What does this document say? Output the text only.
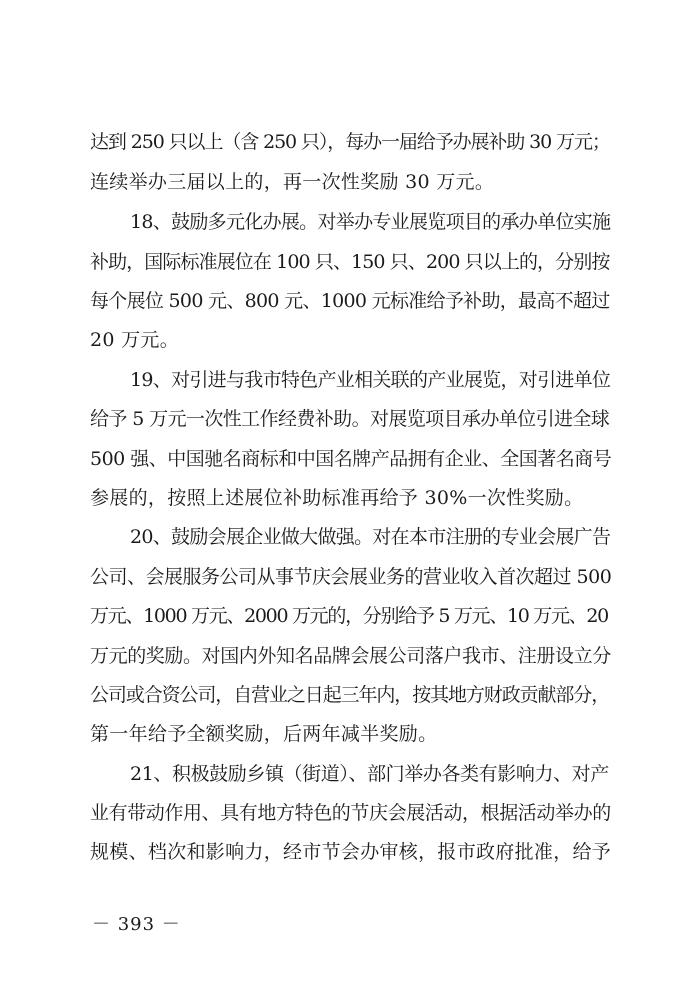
达到 250 只以上（含 250 只），每办一届给予办展补助 30 万元；
连续举办三届以上的，再一次性奖励 30 万元。
18、鼓励多元化办展。对举办专业展览项目的承办单位实施
补助，国际标准展位在 100 只、150 只、200 只以上的，分别按
每个展位 500 元、800 元、1000 元标准给予补助，最高不超过
20 万元。
19、对引进与我市特色产业相关联的产业展览，对引进单位
给予 5 万元一次性工作经费补助。对展览项目承办单位引进全球
500 强、中国驰名商标和中国名牌产品拥有企业、全国著名商号
参展的，按照上述展位补助标准再给予 30%一次性奖励。
20、鼓励会展企业做大做强。对在本市注册的专业会展广告
公司、会展服务公司从事节庆会展业务的营业收入首次超过 500
万元、1000 万元、2000 万元的，分别给予 5 万元、10 万元、20
万元的奖励。对国内外知名品牌会展公司落户我市、注册设立分
公司或合资公司，自营业之日起三年内，按其地方财政贡献部分，
第一年给予全额奖励，后两年减半奖励。
21、积极鼓励乡镇（街道）、部门举办各类有影响力、对产
业有带动作用、具有地方特色的节庆会展活动，根据活动举办的
规模、档次和影响力，经市节会办审核，报市政府批准，给予
－ 393 －
